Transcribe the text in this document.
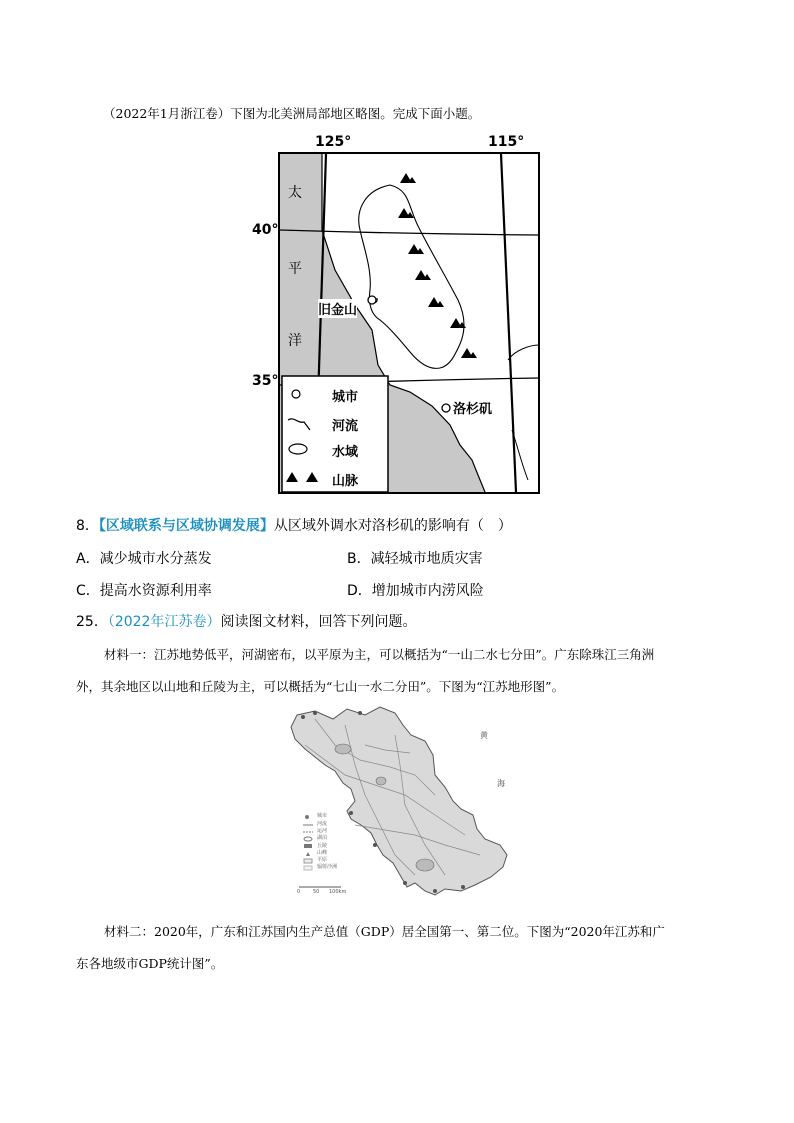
（2022年1月浙江卷）下图为北美洲局部地区略图。完成下面小题。
125°	115°
40°
35°
太
平
洋
旧金山
洛杉矶
城市
河流
水域
山脉
8．【区域联系与区域协调发展】从区域外调水对洛杉矶的影响有（　）
A．减少城市水分蒸发	B．减轻城市地质灾害
C．提高水资源利用率	D．增加城市内涝风险
25．（2022年江苏卷）阅读图文材料，回答下列问题。
材料一：江苏地势低平，河湖密布，以平原为主，可以概括为“一山二水七分田”。广东除珠江三角洲
外，其余地区以山地和丘陵为主，可以概括为“七山一水二分田”。下图为“江苏地形图”。
黄
海
城市
河流
运河
湖泊
丘陵
山峰
平原
辐射沙洲
0	50 100km
材料二：2020年，广东和江苏国内生产总值（GDP）居全国第一、第二位。下图为“2020年江苏和广
东各地级市GDP统计图”。
